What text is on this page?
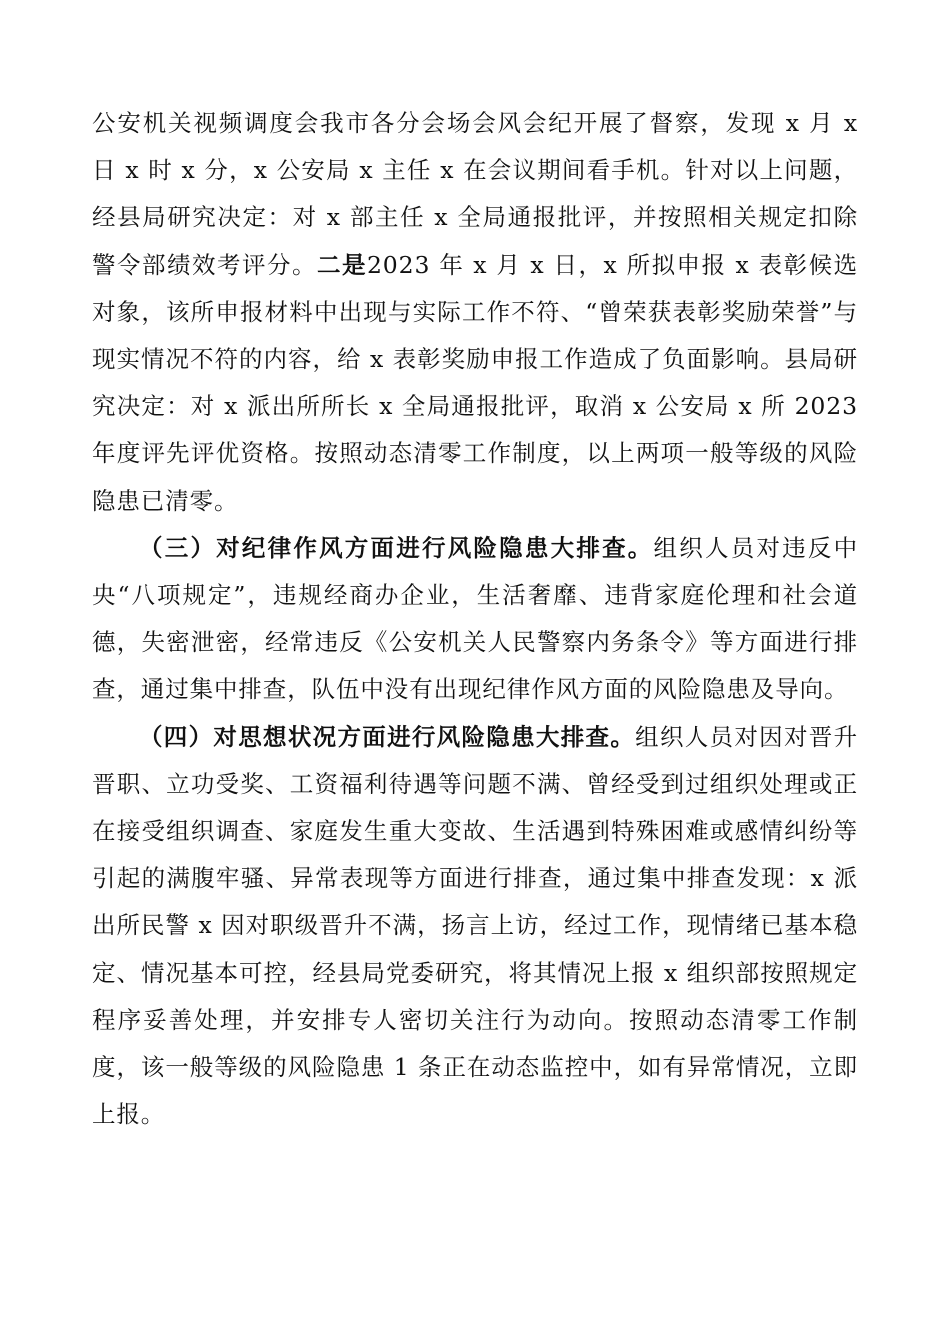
公安机关视频调度会我市各分会场会风会纪开展了督察，发现 x 月 x 日 x 时 x 分，x 公安局 x 主任 x 在会议期间看手机。针对以上问题，经县局研究决定：对 x 部主任 x 全局通报批评，并按照相关规定扣除警令部绩效考评分。二是2023 年 x 月 x 日，x 所拟申报 x 表彰候选对象，该所申报材料中出现与实际工作不符、“曾荣获表彰奖励荣誉”与现实情况不符的内容，给 x 表彰奖励申报工作造成了负面影响。县局研究决定：对 x 派出所所长 x 全局通报批评，取消 x 公安局 x 所 2023 年度评先评优资格。按照动态清零工作制度，以上两项一般等级的风险隐患已清零。

（三）对纪律作风方面进行风险隐患大排查。组织人员对违反中央“八项规定”，违规经商办企业，生活奢靡、违背家庭伦理和社会道德，失密泄密，经常违反《公安机关人民警察内务条令》等方面进行排查，通过集中排查，队伍中没有出现纪律作风方面的风险隐患及导向。

（四）对思想状况方面进行风险隐患大排查。组织人员对因对晋升晋职、立功受奖、工资福利待遇等问题不满、曾经受到过组织处理或正在接受组织调查、家庭发生重大变故、生活遇到特殊困难或感情纠纷等引起的满腹牢骚、异常表现等方面进行排查，通过集中排查发现：x 派出所民警 x 因对职级晋升不满，扬言上访，经过工作，现情绪已基本稳定、情况基本可控，经县局党委研究，将其情况上报 x 组织部按照规定程序妥善处理，并安排专人密切关注行为动向。按照动态清零工作制度，该一般等级的风险隐患 1 条正在动态监控中，如有异常情况，立即上报。
